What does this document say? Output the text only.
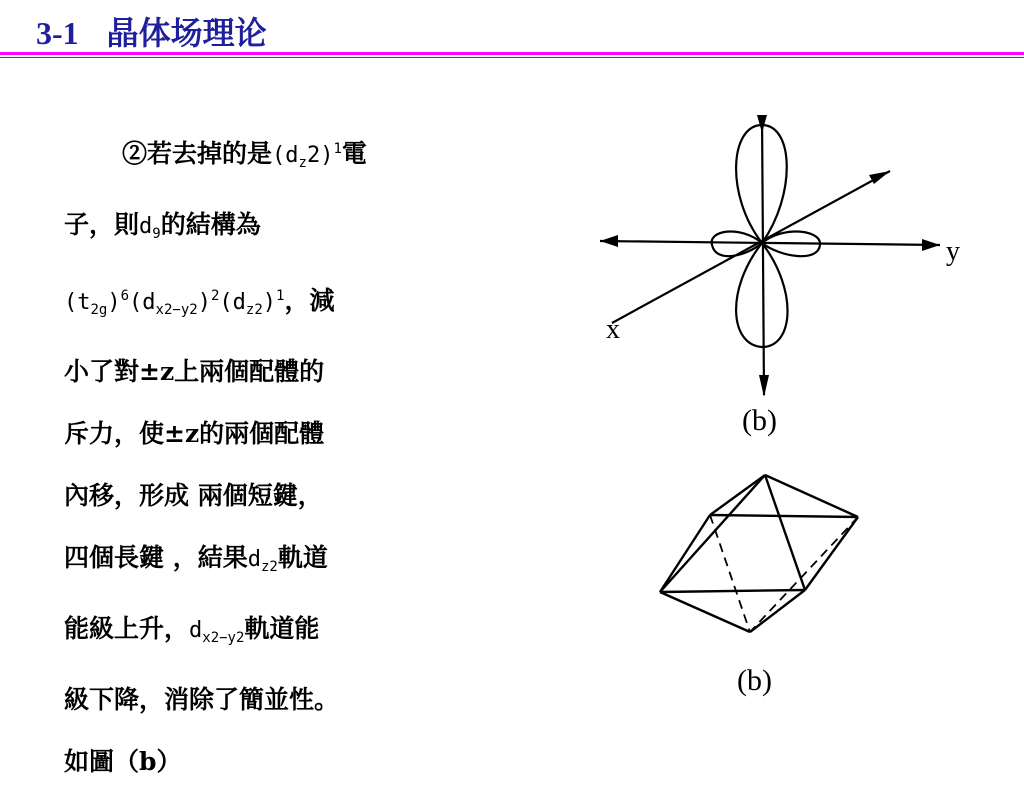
3-1 晶体场理论
②若去掉的是$(d_z2)^1$電
子，則$d_9$的結構為
$(t_{2g})^6(d_{x2-y2})^2(d_{z2})^1$，減
小了對±z上兩個配體的
斥力，使±z的兩個配體
內移，形成 兩個短鍵，
四個長鍵 ，結果$d_{z2}$軌道
能級上升，$d_{x2-y2}$軌道能
級下降，消除了簡並性。
如圖（b）
y
x
(b)
(b)
